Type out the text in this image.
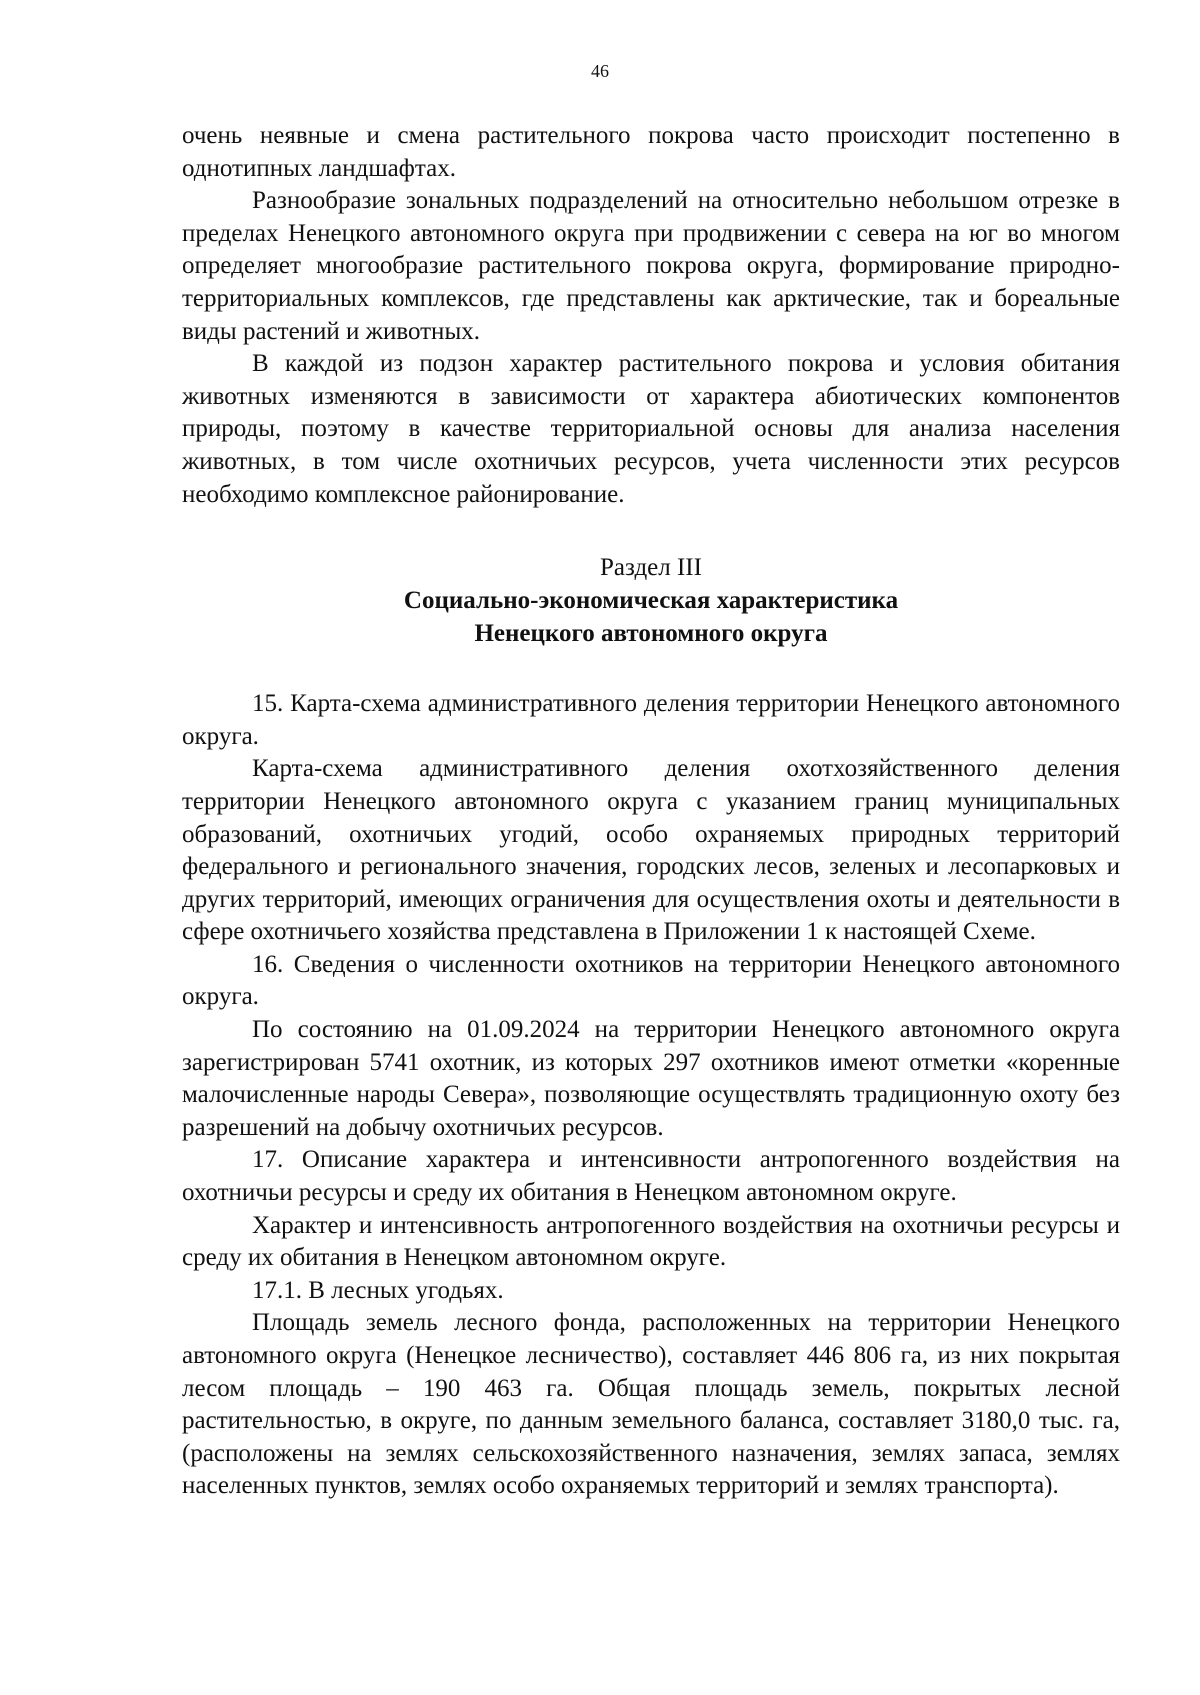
46

очень неявные и смена растительного покрова часто происходит постепенно в однотипных ландшафтах.

Разнообразие зональных подразделений на относительно небольшом отрезке в пределах Ненецкого автономного округа при продвижении с севера на юг во многом определяет многообразие растительного покрова округа, формирование природно-территориальных комплексов, где представлены как арктические, так и бореальные виды растений и животных.

В каждой из подзон характер растительного покрова и условия обитания животных изменяются в зависимости от характера абиотических компонентов природы, поэтому в качестве территориальной основы для анализа населения животных, в том числе охотничьих ресурсов, учета численности этих ресурсов необходимо комплексное районирование.

Раздел III
Социально-экономическая характеристика
Ненецкого автономного округа

15. Карта-схема административного деления территории Ненецкого автономного округа.

Карта-схема административного деления охотхозяйственного деления территории Ненецкого автономного округа с указанием границ муниципальных образований, охотничьих угодий, особо охраняемых природных территорий федерального и регионального значения, городских лесов, зеленых и лесопарковых и других территорий, имеющих ограничения для осуществления охоты и деятельности в сфере охотничьего хозяйства представлена в Приложении 1 к настоящей Схеме.

16. Сведения о численности охотников на территории Ненецкого автономного округа.

По состоянию на 01.09.2024 на территории Ненецкого автономного округа зарегистрирован 5741 охотник, из которых 297 охотников имеют отметки «коренные малочисленные народы Севера», позволяющие осуществлять традиционную охоту без разрешений на добычу охотничьих ресурсов.

17. Описание характера и интенсивности антропогенного воздействия на охотничьи ресурсы и среду их обитания в Ненецком автономном округе.

Характер и интенсивность антропогенного воздействия на охотничьи ресурсы и среду их обитания в Ненецком автономном округе.

17.1. В лесных угодьях.

Площадь земель лесного фонда, расположенных на территории Ненецкого автономного округа (Ненецкое лесничество), составляет 446 806 га, из них покрытая лесом площадь – 190 463 га. Общая площадь земель, покрытых лесной растительностью, в округе, по данным земельного баланса, составляет 3180,0 тыс. га, (расположены на землях сельскохозяйственного назначения, землях запаса, землях населенных пунктов, землях особо охраняемых территорий и землях транспорта).
